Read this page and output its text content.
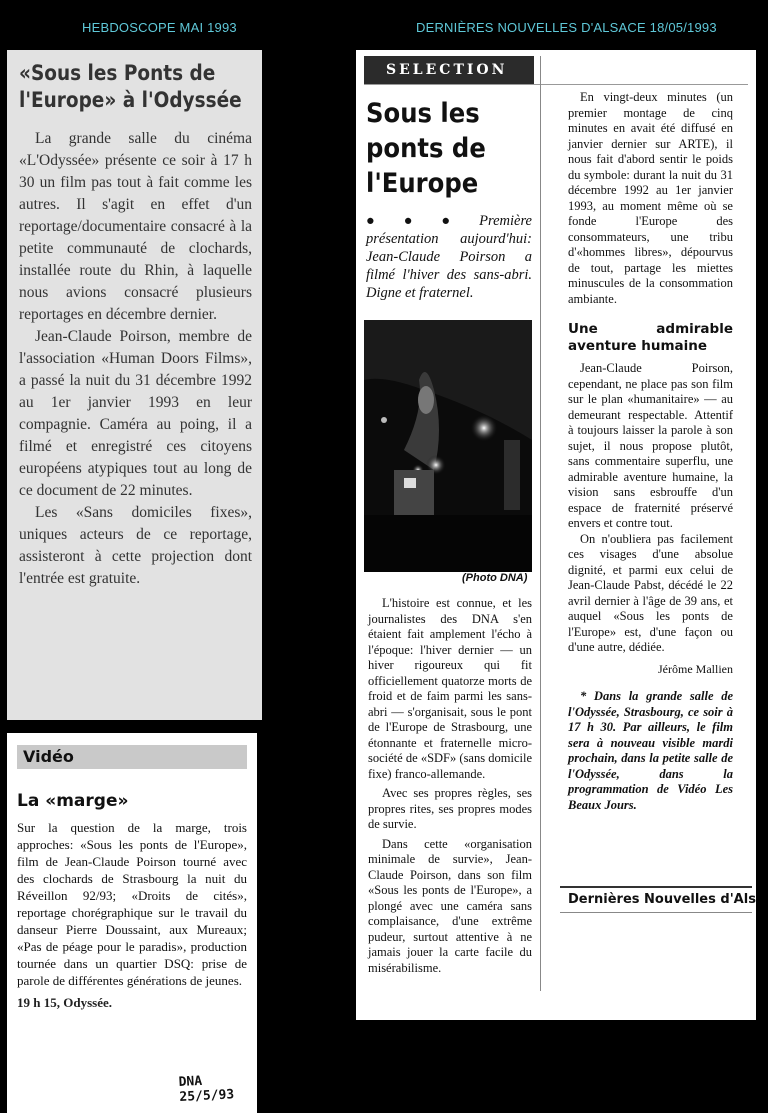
HEBDOSCOPE MAI 1993	DERNIÈRES NOUVELLES D'ALSACE 18/05/1993
«Sous les Ponts de l'Europe» à l'Odyssée

La grande salle du cinéma «L'Odyssée» présente ce soir à 17 h 30 un film pas tout à fait comme les autres. Il s'agit en effet d'un reportage/documentaire consacré à la petite communauté de clochards, installée route du Rhin, à laquelle nous avions consacré plusieurs reportages en décembre dernier.

Jean-Claude Poirson, membre de l'association «Human Doors Films», a passé la nuit du 31 décembre 1992 au 1er janvier 1993 en leur compagnie. Caméra au poing, il a filmé et enregistré ces citoyens européens atypiques tout au long de ce document de 22 minutes.

Les «Sans domiciles fixes», uniques acteurs de ce reportage, assisteront à cette projection dont l'entrée est gratuite.

Vidéo
La «marge»

Sur la question de la marge, trois approches: «Sous les ponts de l'Europe», film de Jean-Claude Poirson tourné avec des clochards de Strasbourg la nuit du Réveillon 92/93; «Droits de cités», reportage chorégraphique sur le travail du danseur Pierre Doussaint, aux Mureaux; «Pas de péage pour le paradis», production tournée dans un quartier DSQ: prise de parole de différentes générations de jeunes.

19 h 15, Odyssée.
DNA 25/5/93
SELECTION
Sous les ponts de l'Europe
● ● ● Première présentation aujourd'hui: Jean-Claude Poirson a filmé l'hiver des sans-abri. Digne et fraternel.
(Photo DNA)

L'histoire est connue, et les journalistes des DNA s'en étaient fait amplement l'écho à l'époque: l'hiver dernier — un hiver rigoureux qui fit officiellement quatorze morts de froid et de faim parmi les sans-abri — s'organisait, sous le pont de l'Europe de Strasbourg, une étonnante et fraternelle micro-société de «SDF» (sans domicile fixe) franco-allemande.

Avec ses propres règles, ses propres rites, ses propres modes de survie.

Dans cette «organisation minimale de survie», Jean-Claude Poirson, dans son film «Sous les ponts de l'Europe», a plongé avec une caméra sans complaisance, d'une extrême pudeur, surtout attentive à ne jamais jouer la carte facile du misérabilisme.

En vingt-deux minutes (un premier montage de cinq minutes en avait été diffusé en janvier dernier sur ARTE), il nous fait d'abord sentir le poids du symbole: durant la nuit du 31 décembre 1992 au 1er janvier 1993, au moment même où se fonde l'Europe des consommateurs, une tribu d'«hommes libres», dépourvus de tout, partage les miettes minuscules de la consommation ambiante.

Une admirable aventure humaine

Jean-Claude Poirson, cependant, ne place pas son film sur le plan «humanitaire» — au demeurant respectable. Attentif à toujours laisser la parole à son sujet, il nous propose plutôt, sans commentaire superflu, une admirable aventure humaine, la vision sans esbrouffe d'un espace de fraternité préservé envers et contre tout.

On n'oubliera pas facilement ces visages d'une absolue dignité, et parmi eux celui de Jean-Claude Pabst, décédé le 22 avril dernier à l'âge de 39 ans, et auquel «Sous les ponts de l'Europe» est, d'une façon ou d'une autre, dédiée.

Jérôme Mallien

* Dans la grande salle de l'Odyssée, Strasbourg, ce soir à 17 h 30. Par ailleurs, le film sera à nouveau visible mardi prochain, dans la petite salle de l'Odyssée, dans la programmation de Vidéo Les Beaux Jours.

Dernières Nouvelles d'Als
